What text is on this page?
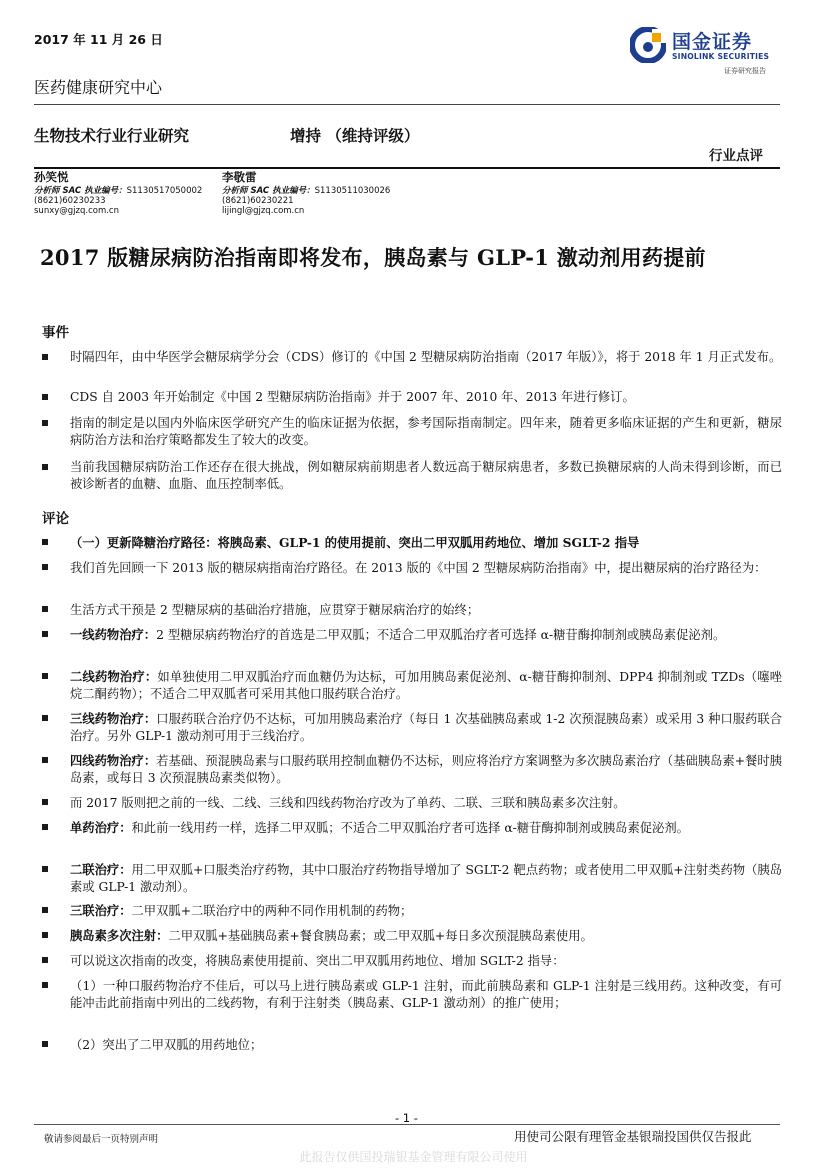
2017 年 11 月 26 日	国金证券
SINOLINK SECURITIES
证券研究报告
医药健康研究中心
生物技术行业行业研究	增持 （维持评级）
行业点评
孙笑悦
分析师 SAC 执业编号：S1130517050002
(8621)60230233
sunxy@gjzq.com.cn
李敬雷
分析师 SAC 执业编号：S1130511030026
(8621)60230221
lijingl@gjzq.com.cn
2017 版糖尿病防治指南即将发布，胰岛素与 GLP-1 激动剂用药提前
事件
时隔四年，由中华医学会糖尿病学分会（CDS）修订的《中国 2 型糖尿病防治指南（2017 年版）》，将于 2018 年 1 月正式发布。
CDS 自 2003 年开始制定《中国 2 型糖尿病防治指南》并于 2007 年、2010 年、2013 年进行修订。
指南的制定是以国内外临床医学研究产生的临床证据为依据，参考国际指南制定。四年来，随着更多临床证据的产生和更新，糖尿病防治方法和治疗策略都发生了较大的改变。
当前我国糖尿病防治工作还存在很大挑战，例如糖尿病前期患者人数远高于糖尿病患者，多数已换糖尿病的人尚未得到诊断，而已被诊断者的血糖、血脂、血压控制率低。
评论
（一）更新降糖治疗路径：将胰岛素、GLP-1 的使用提前、突出二甲双胍用药地位、增加 SGLT-2 指导
我们首先回顾一下 2013 版的糖尿病指南治疗路径。在 2013 版的《中国 2 型糖尿病防治指南》中，提出糖尿病的治疗路径为：
生活方式干预是 2 型糖尿病的基础治疗措施，应贯穿于糖尿病治疗的始终；
一线药物治疗：2 型糖尿病药物治疗的首选是二甲双胍；不适合二甲双胍治疗者可选择 α-糖苷酶抑制剂或胰岛素促泌剂。
二线药物治疗：如单独使用二甲双胍治疗而血糖仍为达标，可加用胰岛素促泌剂、α-糖苷酶抑制剂、DPP4 抑制剂或 TZDs（噻唑烷二酮药物）；不适合二甲双胍者可采用其他口服药联合治疗。
三线药物治疗：口服药联合治疗仍不达标，可加用胰岛素治疗（每日 1 次基础胰岛素或 1-2 次预混胰岛素）或采用 3 种口服药联合治疗。另外 GLP-1 激动剂可用于三线治疗。
四线药物治疗：若基础、预混胰岛素与口服药联用控制血糖仍不达标，则应将治疗方案调整为多次胰岛素治疗（基础胰岛素+餐时胰岛素，或每日 3 次预混胰岛素类似物）。
而 2017 版则把之前的一线、二线、三线和四线药物治疗改为了单药、二联、三联和胰岛素多次注射。
单药治疗：和此前一线用药一样，选择二甲双胍；不适合二甲双胍治疗者可选择 α-糖苷酶抑制剂或胰岛素促泌剂。
二联治疗：用二甲双胍+口服类治疗药物，其中口服治疗药物指导增加了 SGLT-2 靶点药物；或者使用二甲双胍+注射类药物（胰岛素或 GLP-1 激动剂）。
三联治疗：二甲双胍+二联治疗中的两种不同作用机制的药物；
胰岛素多次注射：二甲双胍+基础胰岛素+餐食胰岛素；或二甲双胍+每日多次预混胰岛素使用。
可以说这次指南的改变，将胰岛素使用提前、突出二甲双胍用药地位、增加 SGLT-2 指导：
（1）一种口服药物治疗不佳后，可以马上进行胰岛素或 GLP-1 注射，而此前胰岛素和 GLP-1 注射是三线用药。这种改变，有可能冲击此前指南中列出的二线药物，有利于注射类（胰岛素、GLP-1 激动剂）的推广使用；
（2）突出了二甲双胍的用药地位；
- 1 -
敬请参阅最后一页特别声明	用使司公限有理管金基银瑞投国供仅告报此
此报告仅供国投瑞银基金管理有限公司使用
